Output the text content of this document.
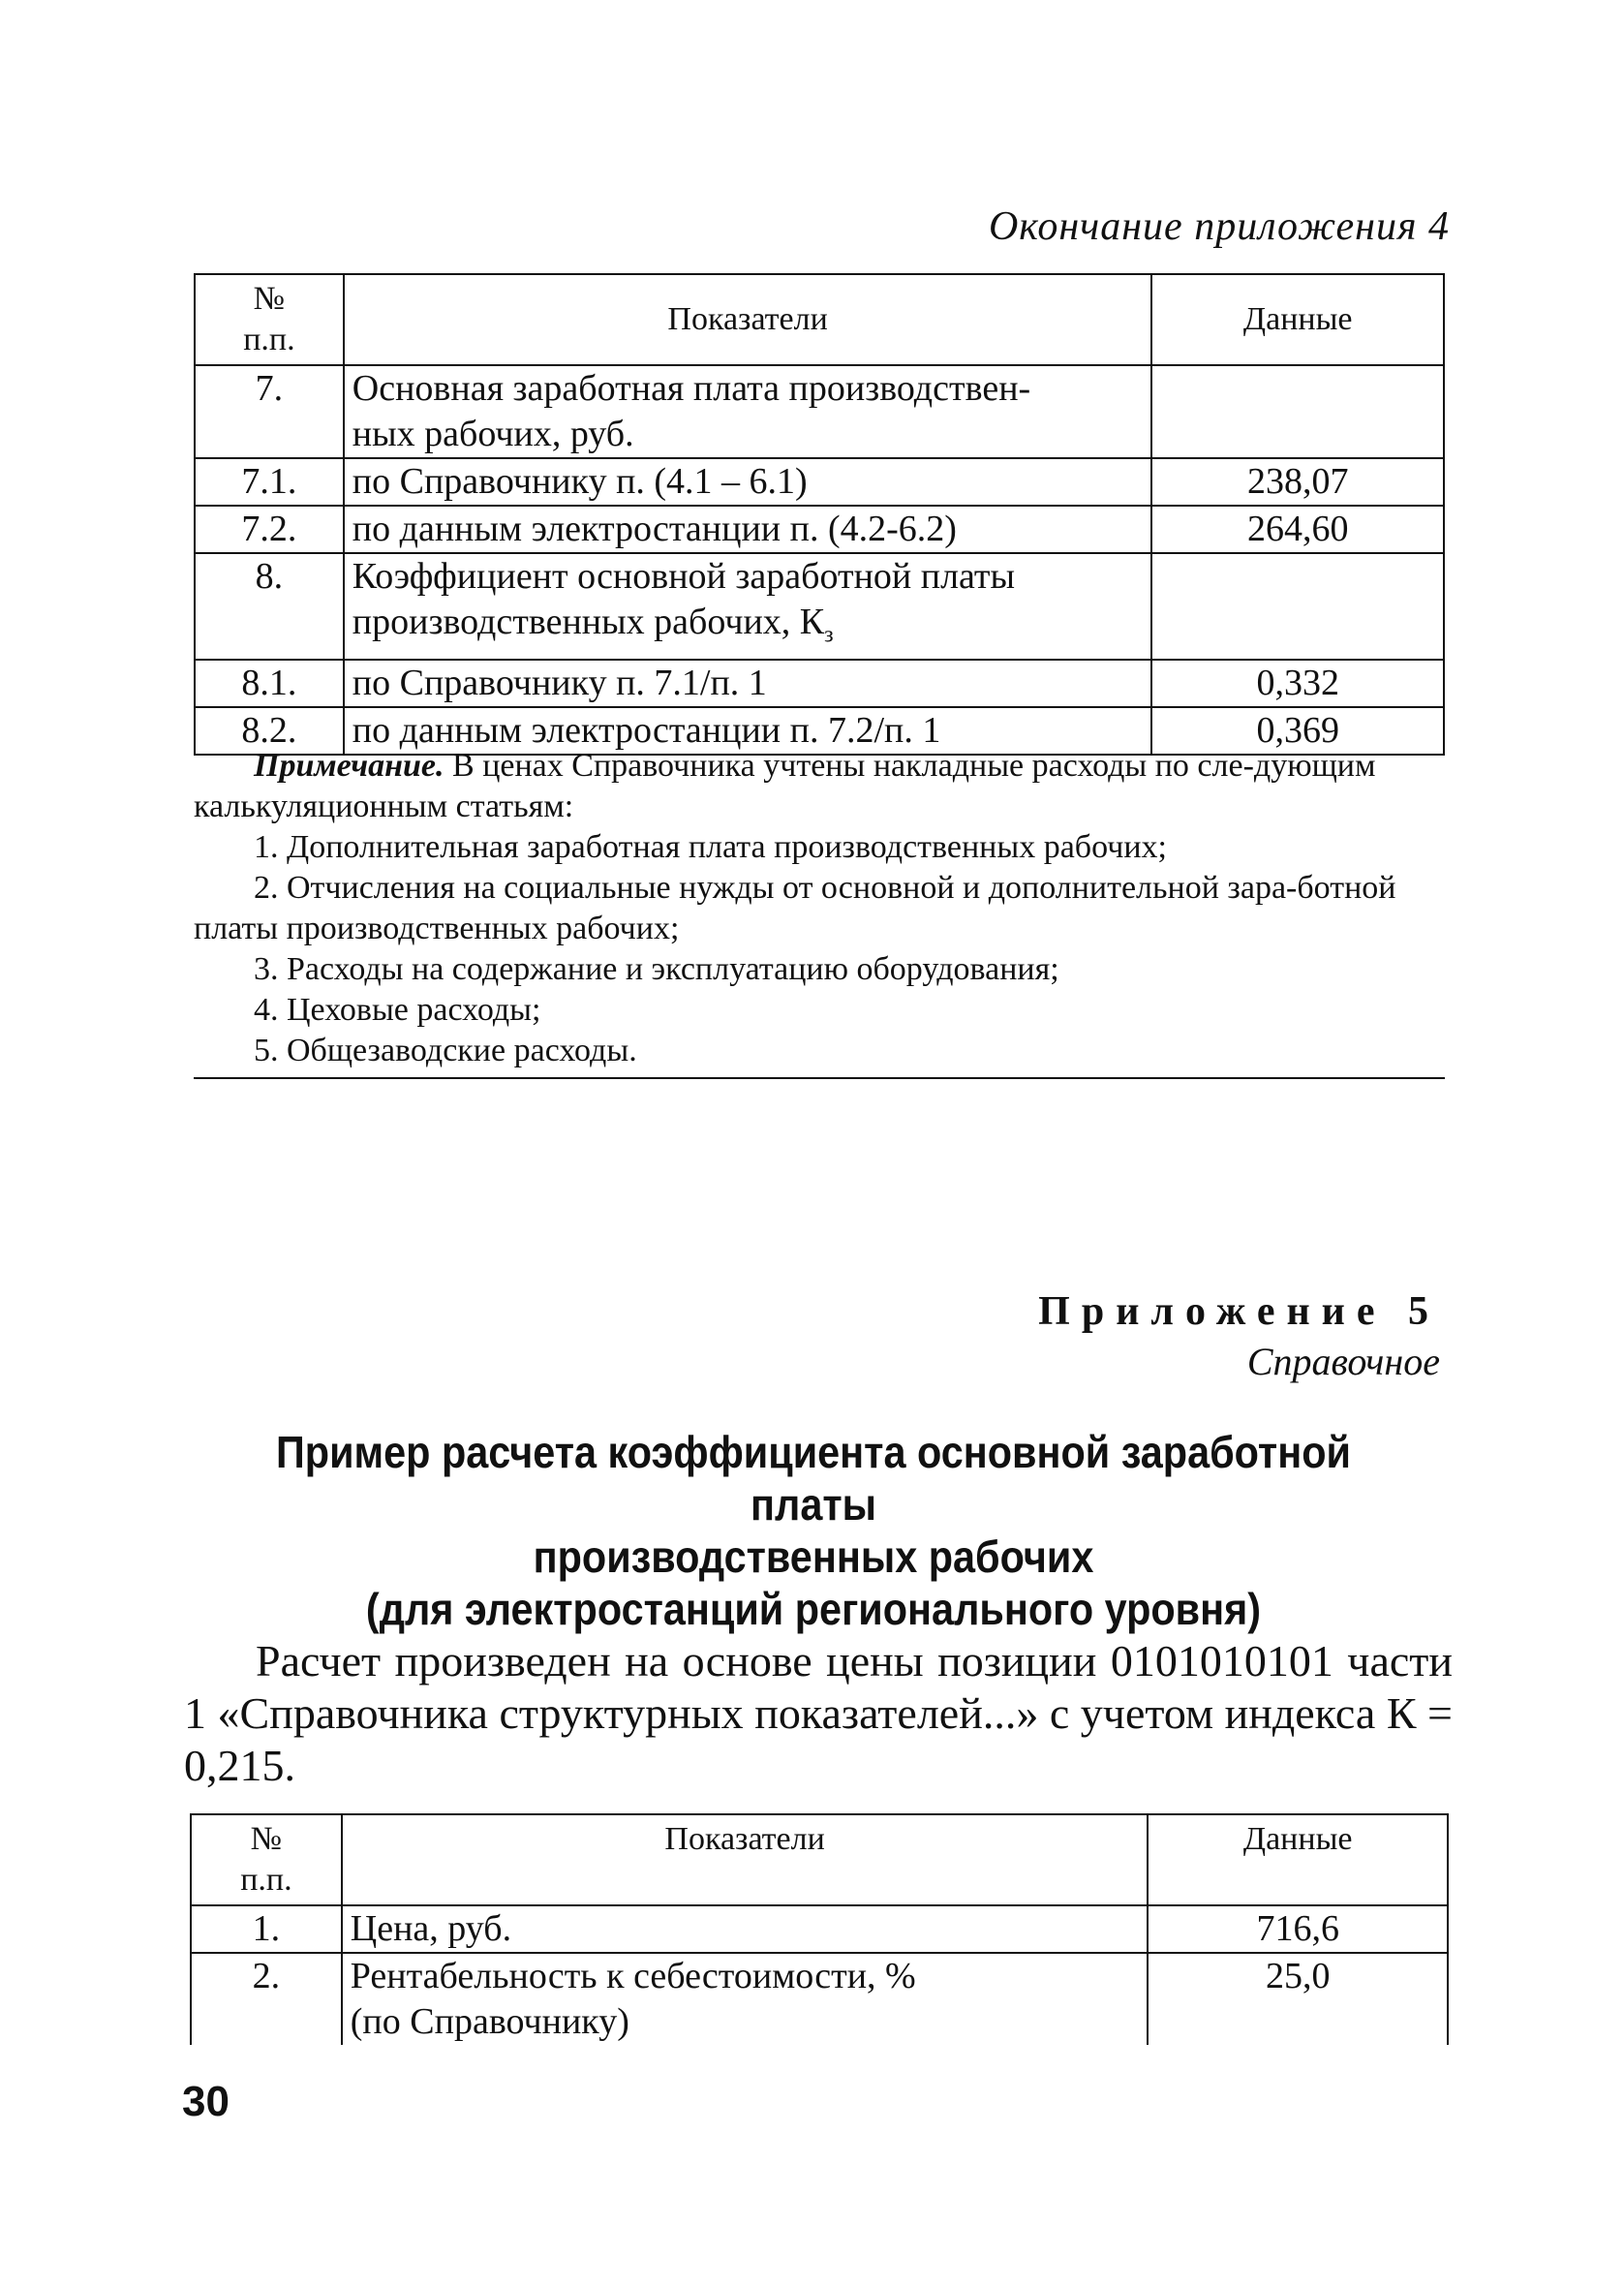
Окончание приложения 4
№
п.п.	Показатели	Данные
7.	Основная заработная плата производствен-
ных рабочих, руб.	
7.1.	по Справочнику п. (4.1 – 6.1)	238,07
7.2.	по данным электростанции п. (4.2-6.2)	264,60
8.	Коэффициент основной заработной платы
производственных рабочих, $К_з$	
8.1.	по Справочнику п. 7.1/п. 1	0,332
8.2.	по данным электростанции п. 7.2/п. 1	0,369
Примечание. В ценах Справочника учтены накладные расходы по сле-дующим калькуляционным статьям:
1. Дополнительная заработная плата производственных рабочих;
2. Отчисления на социальные нужды от основной и дополнительной зара-ботной платы производственных рабочих;
3. Расходы на содержание и эксплуатацию оборудования;
4. Цеховые расходы;
5. Общезаводские расходы.
Приложение 5
Справочное
Пример расчета коэффициента основной заработной платы
производственных рабочих
(для электростанций регионального уровня)
Расчет произведен на основе цены позиции 0101010101 части 1 «Справочника структурных показателей...» с учетом индекса К = 0,215.
№
п.п.	Показатели	Данные
1.	Цена, руб.	716,6
2.	Рентабельность к себестоимости, %
(по Справочнику)	25,0
30
